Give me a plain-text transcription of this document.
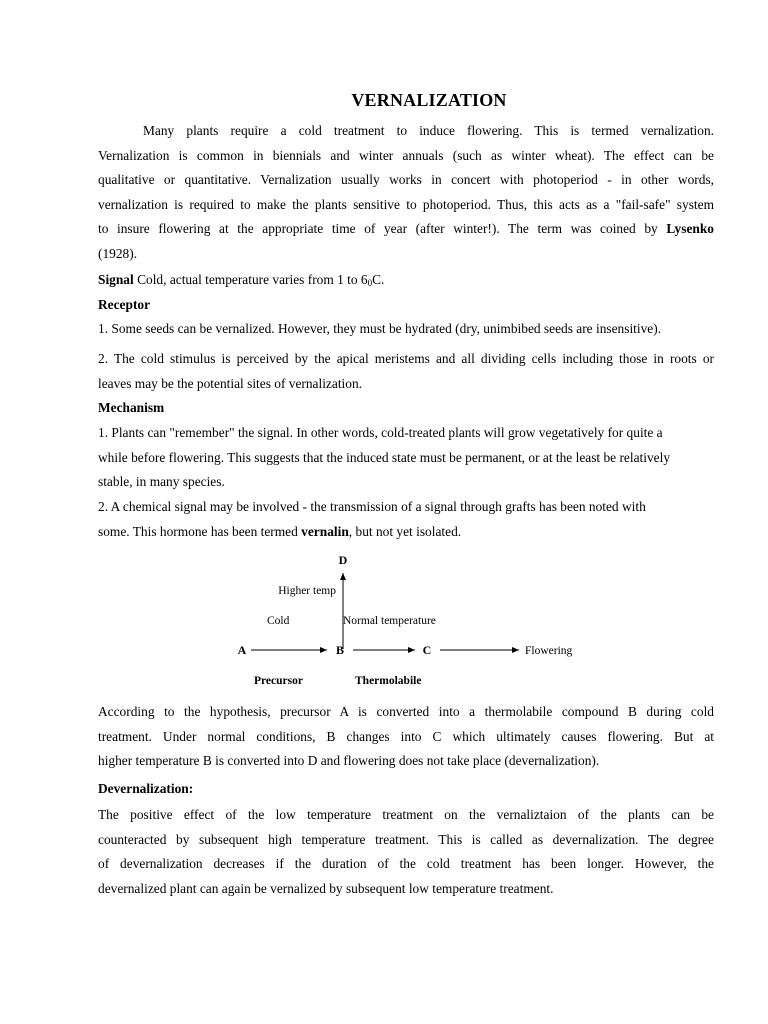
VERNALIZATION
Many plants require a cold treatment to induce flowering. This is termed vernalization.
Vernalization is common in biennials and winter annuals (such as winter wheat). The effect can be
qualitative or quantitative. Vernalization usually works in concert with photoperiod - in other words,
vernalization is required to make the plants sensitive to photoperiod. Thus, this acts as a "fail-safe" system
to insure flowering at the appropriate time of year (after winter!). The term was coined by Lysenko
(1928).
Signal Cold, actual temperature varies from 1 to $6_0C$.
Receptor
1. Some seeds can be vernalized. However, they must be hydrated (dry, unimbibed seeds are insensitive).
2. The cold stimulus is perceived by the apical meristems and all dividing cells including those in roots or
leaves may be the potential sites of vernalization.
Mechanism
1. Plants can "remember" the signal. In other words, cold-treated plants will grow vegetatively for quite a
while before flowering. This suggests that the induced state must be permanent, or at the least be relatively
stable, in many species.
2. A chemical signal may be involved - the transmission of a signal through grafts has been noted with
some. This hormone has been termed vernalin, but not yet isolated.
D
Higher temp
Cold	Normal temperature
A	B	C	Flowering
Precursor	Thermolabile
According to the hypothesis, precursor A is converted into a thermolabile compound B during cold
treatment. Under normal conditions, B changes into C which ultimately causes flowering. But at
higher temperature B is converted into D and flowering does not take place (devernalization).
Devernalization:
The positive effect of the low temperature treatment on the vernaliztaion of the plants can be
counteracted by subsequent high temperature treatment. This is called as devernalization. The degree
of devernalization decreases if the duration of the cold treatment has been longer. However, the
devernalized plant can again be vernalized by subsequent low temperature treatment.
